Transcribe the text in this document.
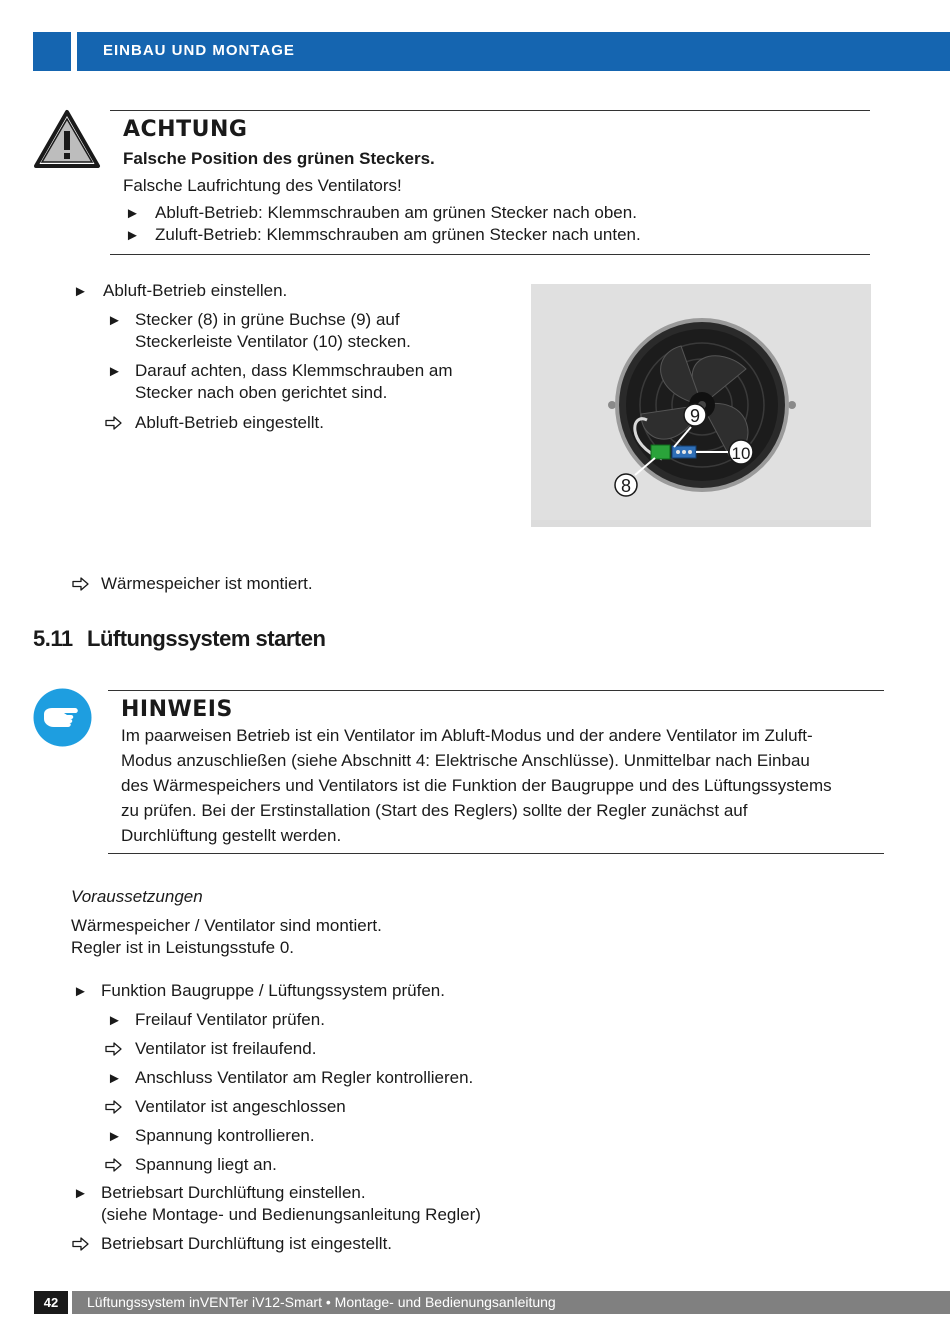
EINBAU UND MONTAGE
ACHTUNG
Falsche Position des grünen Steckers.
Falsche Laufrichtung des Ventilators!
► Abluft-Betrieb: Klemmschrauben am grünen Stecker nach oben.
► Zuluft-Betrieb: Klemmschrauben am grünen Stecker nach unten.
► Abluft-Betrieb einstellen.
► Stecker (8) in grüne Buchse (9) auf
Steckerleiste Ventilator (10) stecken.
► Darauf achten, dass Klemmschrauben am
Stecker nach oben gerichtet sind.
Abluft-Betrieb eingestellt.	9
10
8
Wärmespeicher ist montiert.
5.11 Lüftungssystem starten
HINWEIS
Im paarweisen Betrieb ist ein Ventilator im Abluft-Modus und der andere Ventilator im Zuluft-
Modus anzuschließen (siehe Abschnitt 4: Elektrische Anschlüsse). Unmittelbar nach Einbau
des Wärmespeichers und Ventilators ist die Funktion der Baugruppe und des Lüftungssystems
zu prüfen. Bei der Erstinstallation (Start des Reglers) sollte der Regler zunächst auf
Durchlüftung gestellt werden.
Voraussetzungen
Wärmespeicher / Ventilator sind montiert.
Regler ist in Leistungsstufe 0.
► Funktion Baugruppe / Lüftungssystem prüfen.
► Freilauf Ventilator prüfen.
Ventilator ist freilaufend.
► Anschluss Ventilator am Regler kontrollieren.
Ventilator ist angeschlossen
► Spannung kontrollieren.
Spannung liegt an.
► Betriebsart Durchlüftung einstellen.
(siehe Montage- und Bedienungsanleitung Regler)
Betriebsart Durchlüftung ist eingestellt.
42	Lüftungssystem inVENTer iV12-Smart • Montage- und Bedienungsanleitung
